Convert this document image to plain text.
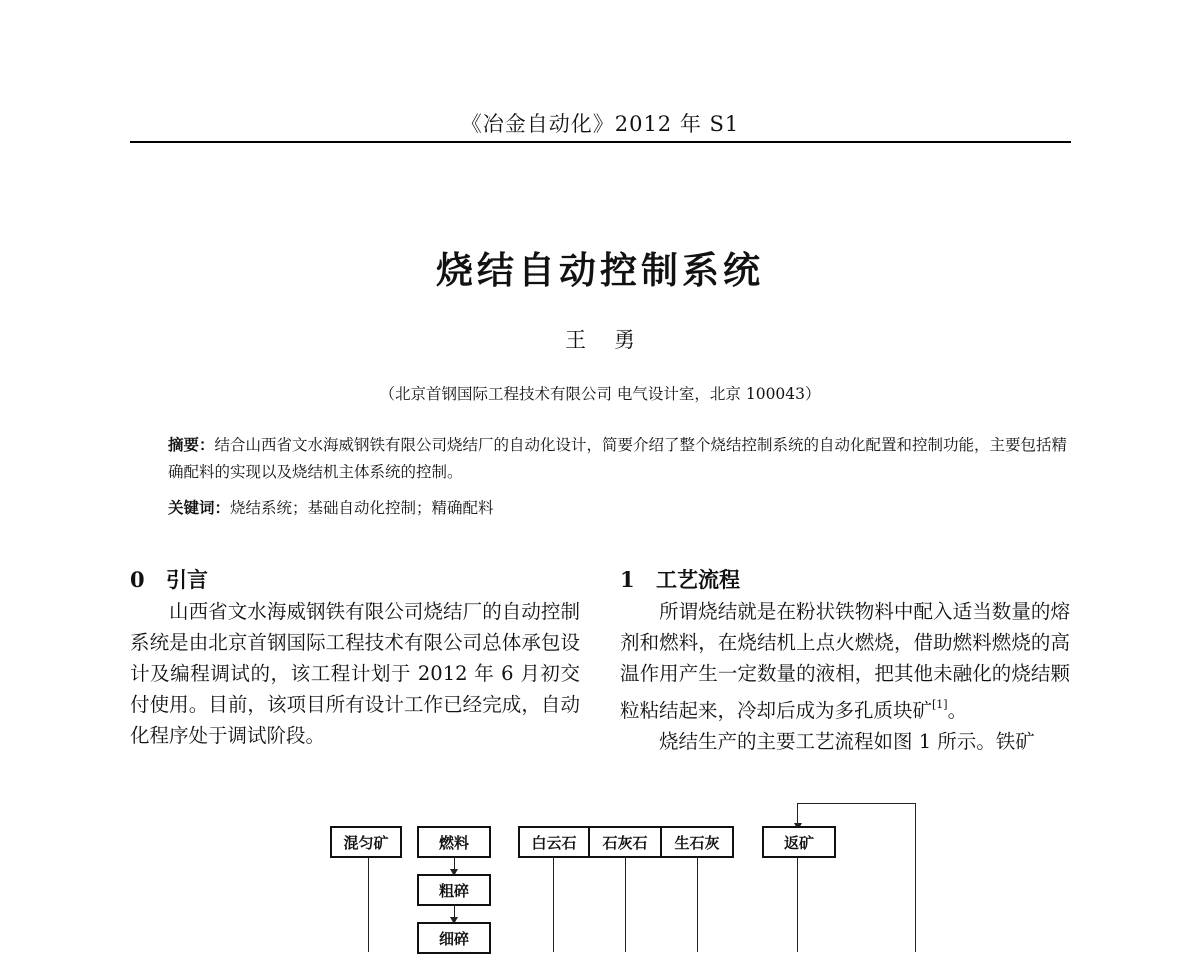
《冶金自动化》2012 年 S1
烧结自动控制系统
王勇
（北京首钢国际工程技术有限公司 电气设计室，北京 100043）
摘要：结合山西省文水海威钢铁有限公司烧结厂的自动化设计，简要介绍了整个烧结控制系统的自动化配置和控制功能，主要包括精确配料的实现以及烧结机主体系统的控制。
关键词：烧结系统；基础自动化控制；精确配料
0 引言	1 工艺流程

山西省文水海威钢铁有限公司烧结厂的自动控制系统是由北京首钢国际工程技术有限公司总体承包设计及编程调试的，该工程计划于 2012 年 6 月初交付使用。目前，该项目所有设计工作已经完成，自动化程序处于调试阶段。

所谓烧结就是在粉状铁物料中配入适当数量的熔剂和燃料，在烧结机上点火燃烧，借助燃料燃烧的高温作用产生一定数量的液相，把其他未融化的烧结颗粒粘结起来，冷却后成为多孔质块矿[1]。

烧结生产的主要工艺流程如图 1 所示。铁矿

混匀矿	燃料
粗碎
细碎
白云石	石灰石	生石灰	返矿
